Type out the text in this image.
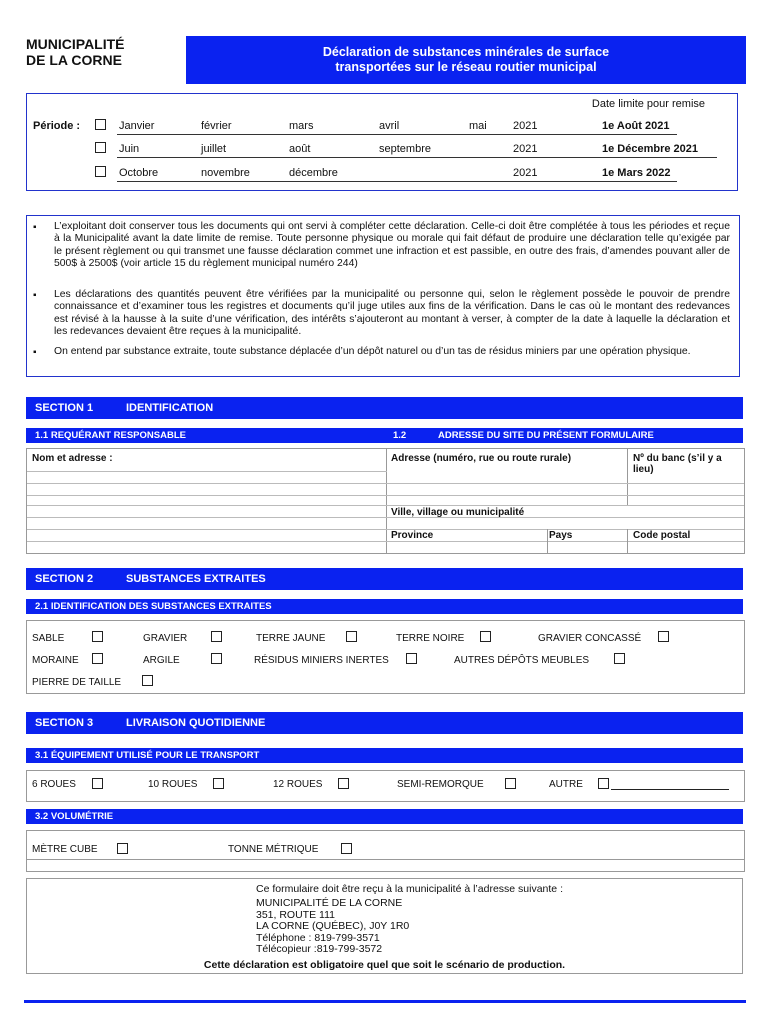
MUNICIPALITÉ
DE LA CORNE	Déclaration de substances minérales de surface
transportées sur le réseau routier municipal
Date limite pour remise
Période :	Janvier	février	mars	avril	mai 2021	1e Août 2021
Juin	juillet	août	septembre	2021	1e Décembre 2021
Octobre	novembre	décembre	2021	1e Mars 2022
▪ L’exploitant doit conserver tous les documents qui ont servi à compléter cette déclaration. Celle-ci doit être complétée à tous les périodes et reçue à la Municipalité avant la date limite de remise. Toute personne physique ou morale qui fait défaut de produire une déclaration telle qu’exigée par le présent règlement ou qui transmet une fausse déclaration commet une infraction et est passible, en outre des frais, d’amendes pouvant aller de 500$ à 2500$ (voir article 15 du règlement municipal numéro 244)
▪ Les déclarations des quantités peuvent être vérifiées par la municipalité ou personne qui, selon le règlement possède le pouvoir de prendre connaissance et d’examiner tous les registres et documents qu’il juge utiles aux fins de la vérification. Dans le cas où le montant des redevances est révisé à la hausse à la suite d’une vérification, des intérêts s’ajouteront au montant à verser, à compter de la date à laquelle la déclaration et les redevances devaient être reçues à la municipalité.
▪ On entend par substance extraite, toute substance déplacée d’un dépôt naturel ou d’un tas de résidus miniers par une opération physique.
SECTION 1	IDENTIFICATION
1.1 REQUÉRANT RESPONSABLE	1.2	ADRESSE DU SITE DU PRÉSENT FORMULAIRE
Nom et adresse :	Adresse (numéro, rue ou route rurale)	Nº du banc (s’il y a lieu)
Ville, village ou municipalité
Province	Pays	Code postal
SECTION 2	SUBSTANCES EXTRAITES
2.1 IDENTIFICATION DES SUBSTANCES EXTRAITES
SABLE	GRAVIER	TERRE JAUNE	TERRE NOIRE	GRAVIER CONCASSÉ
MORAINE	ARGILE	RÉSIDUS MINIERS INERTES	AUTRES DÉPÔTS MEUBLES
PIERRE DE TAILLE
SECTION 3	LIVRAISON QUOTIDIENNE
3.1 ÉQUIPEMENT UTILISÉ POUR LE TRANSPORT
6 ROUES	10 ROUES	12 ROUES	SEMI-REMORQUE	AUTRE
3.2 VOLUMÉTRIE
MÈTRE CUBE	TONNE MÉTRIQUE
Ce formulaire doit être reçu à la municipalité à l’adresse suivante :
MUNICIPALITÉ DE LA CORNE
351, ROUTE 111
LA CORNE (QUÉBEC), J0Y 1R0
Téléphone : 819-799-3571
Télécopieur :819-799-3572
Cette déclaration est obligatoire quel que soit le scénario de production.
